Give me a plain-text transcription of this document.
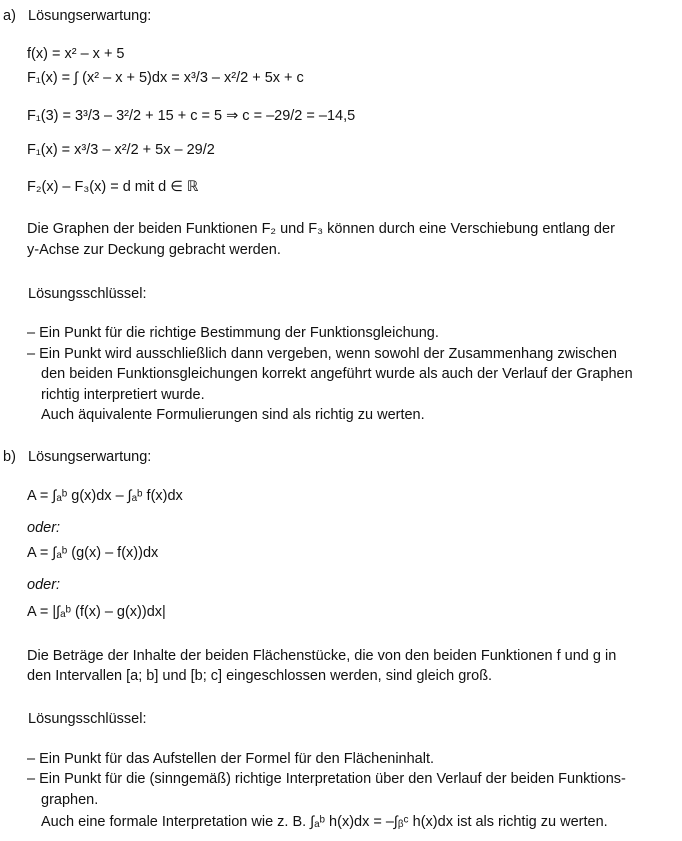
a) Lösungserwartung:
f(x) = x² – x + 5
F₁(x) = ∫ (x² – x + 5)dx = x³/3 – x²/2 + 5x + c
F₁(3) = 3³/3 – 3²/2 + 15 + c = 5 ⇒ c = –29/2 = –14,5
F₁(x) = x³/3 – x²/2 + 5x – 29/2
F₂(x) – F₃(x) = d mit d ∈ ℝ
Die Graphen der beiden Funktionen F₂ und F₃ können durch eine Verschiebung entlang der
y-Achse zur Deckung gebracht werden.
Lösungsschlüssel:
– Ein Punkt für die richtige Bestimmung der Funktionsgleichung.
– Ein Punkt wird ausschließlich dann vergeben, wenn sowohl der Zusammenhang zwischen
den beiden Funktionsgleichungen korrekt angeführt wurde als auch der Verlauf der Graphen
richtig interpretiert wurde.
Auch äquivalente Formulierungen sind als richtig zu werten.
b) Lösungserwartung:
A = ∫ₐᵇ g(x)dx – ∫ₐᵇ f(x)dx
oder:
A = ∫ₐᵇ (g(x) – f(x))dx
oder:
A = |∫ₐᵇ (f(x) – g(x))dx|
Die Beträge der Inhalte der beiden Flächenstücke, die von den beiden Funktionen f und g in
den Intervallen [a; b] und [b; c] eingeschlossen werden, sind gleich groß.
Lösungsschlüssel:
– Ein Punkt für das Aufstellen der Formel für den Flächeninhalt.
– Ein Punkt für die (sinngemäß) richtige Interpretation über den Verlauf der beiden Funktions-
graphen.
Auch eine formale Interpretation wie z. B. ∫ₐᵇ h(x)dx = –∫ᵦᶜ h(x)dx ist als richtig zu werten.
